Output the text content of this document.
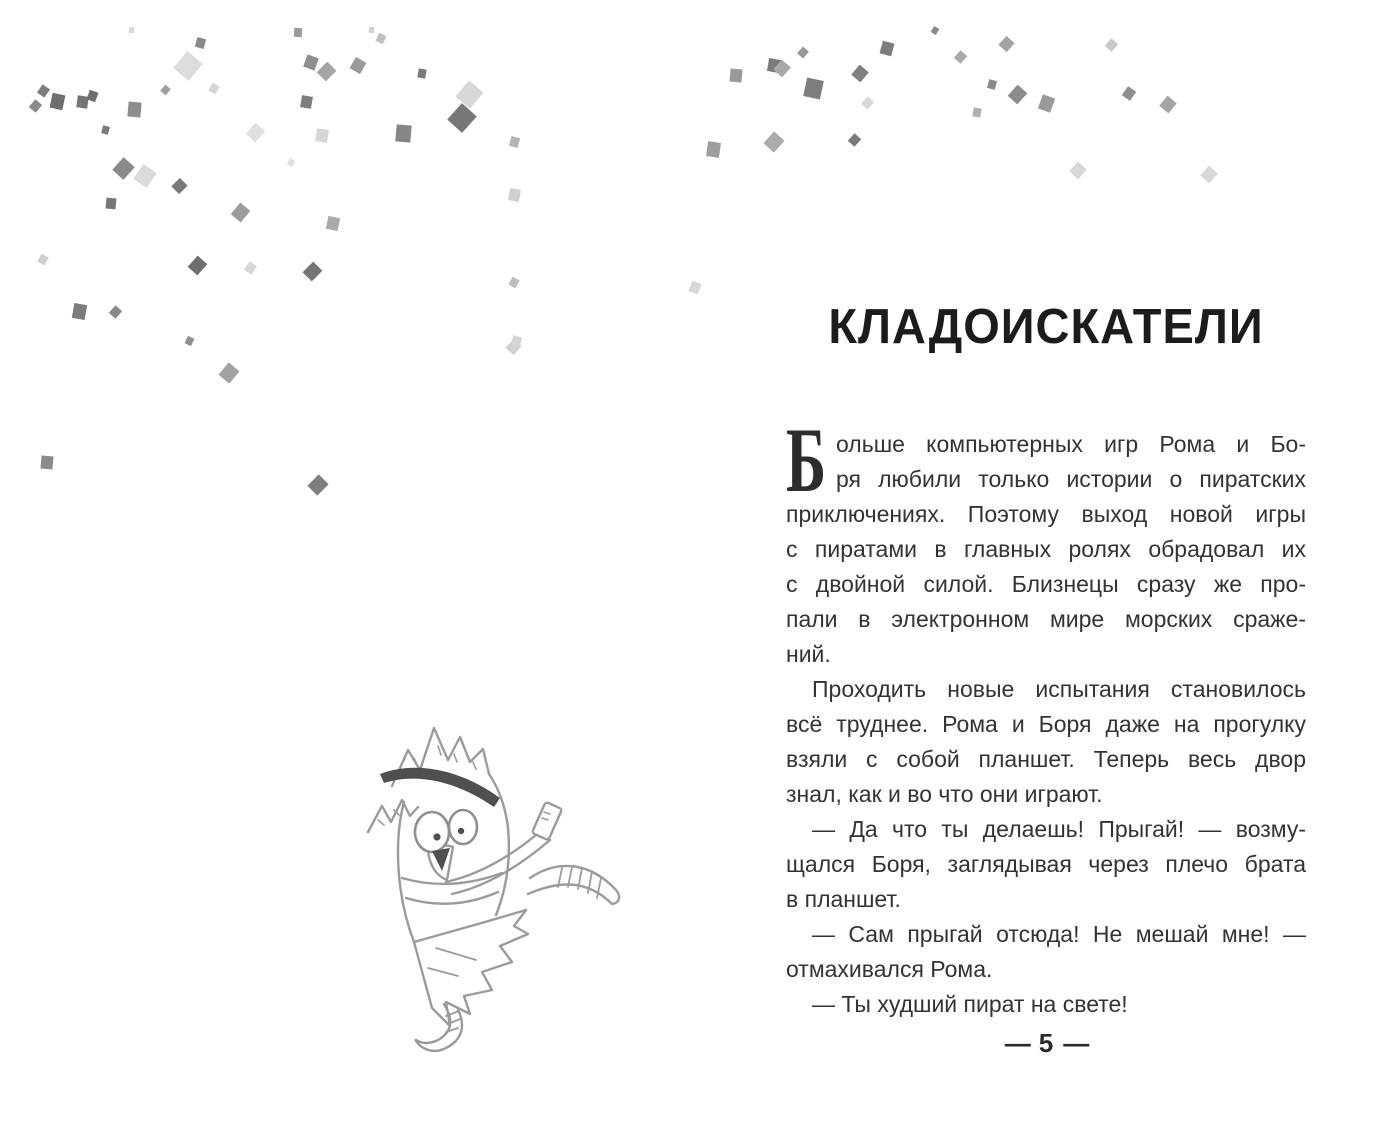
КЛАДОИСКАТЕЛИ
Б ольше компьютерных игр Рома и Бо-
ря любили только истории о пиратских
приключениях. Поэтому выход новой игры
с пиратами в главных ролях обрадовал их
с двойной силой. Близнецы сразу же про-
пали в электронном мире морских сраже-
ний.
Проходить новые испытания становилось
всё труднее. Рома и Боря даже на прогулку
взяли с собой планшет. Теперь весь двор
знал, как и во что они играют.
— Да что ты делаешь! Прыгай! — возму-
щался Боря, заглядывая через плечо брата
в планшет.
— Сам прыгай отсюда! Не мешай мне! —
отмахивался Рома.
— Ты худший пират на свете!
— 5 —
